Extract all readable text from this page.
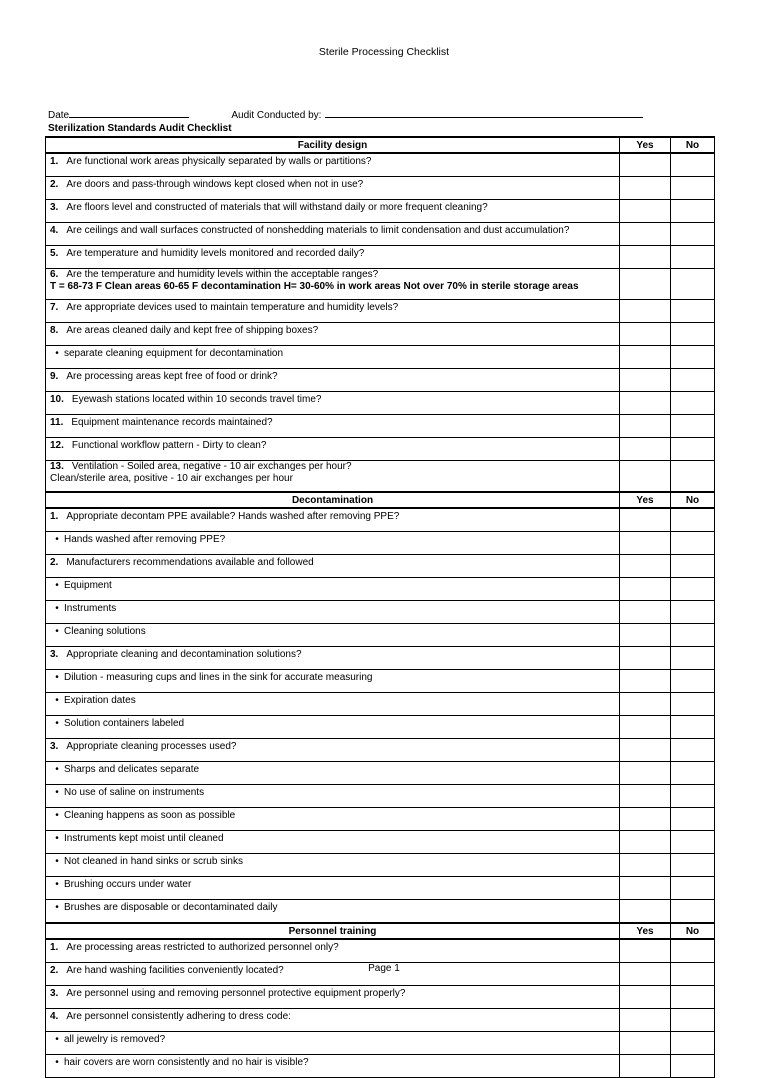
Sterile Processing Checklist
Date	Audit Conducted by:
Sterilization Standards Audit Checklist
Facility design	Yes	No
1. Are functional work areas physically separated by walls or partitions?		
2. Are doors and pass-through windows kept closed when not in use?		
3. Are floors level and constructed of materials that will withstand daily or more frequent cleaning?		
4. Are ceilings and wall surfaces constructed of nonshedding materials to limit condensation and dust accumulation?		
5. Are temperature and humidity levels monitored and recorded daily?		
6. Are the temperature and humidity levels within the acceptable ranges?
T = 68-73 F Clean areas 60-65 F decontamination H= 30-60% in work areas Not over 70% in sterile storage areas		
7. Are appropriate devices used to maintain temperature and humidity levels?		
8. Are areas cleaned daily and kept free of shipping boxes?		
• separate cleaning equipment for decontamination		
9. Are processing areas kept free of food or drink?		
10. Eyewash stations located within 10 seconds travel time?		
11. Equipment maintenance records maintained?		
12. Functional workflow pattern - Dirty to clean?		
13. Ventilation - Soiled area, negative - 10 air exchanges per hour?
Clean/sterile area, positive - 10 air exchanges per hour		
Decontamination	Yes	No
1. Appropriate decontam PPE available? Hands washed after removing PPE?		
• Hands washed after removing PPE?		
2. Manufacturers recommendations available and followed		
• Equipment		
• Instruments		
• Cleaning solutions		
3. Appropriate cleaning and decontamination solutions?		
• Dilution - measuring cups and lines in the sink for accurate measuring		
• Expiration dates		
• Solution containers labeled		
3. Appropriate cleaning processes used?		
• Sharps and delicates separate		
• No use of saline on instruments		
• Cleaning happens as soon as possible		
• Instruments kept moist until cleaned		
• Not cleaned in hand sinks or scrub sinks		
• Brushing occurs under water		
• Brushes are disposable or decontaminated daily		
Personnel training	Yes	No
1. Are processing areas restricted to authorized personnel only?		
2. Are hand washing facilities conveniently located?		
3. Are personnel using and removing personnel protective equipment properly?		
4. Are personnel consistently adhering to dress code:		
• all jewelry is removed?		
• hair covers are worn consistently and no hair is visible?		
Page 1
